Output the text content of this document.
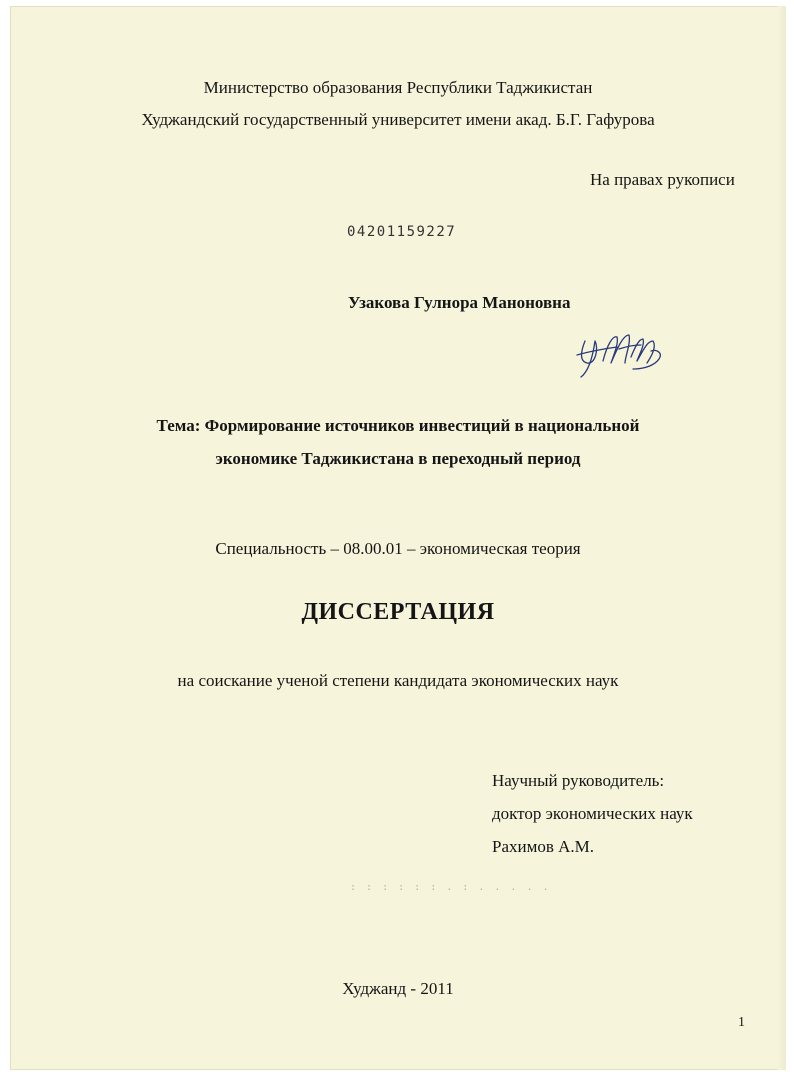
Министерство образования Республики Таджикистан
Худжандский государственный университет имени акад. Б.Г. Гафурова
На правах рукописи
04201159227
Узакова Гулнора Маноновна
Тема: Формирование источников инвестиций в национальной
экономике Таджикистана в переходный период
Специальность – 08.00.01 – экономическая теория
ДИССЕРТАЦИЯ
на соискание ученой степени кандидата экономических наук
Научный руководитель:
доктор экономических наук
Рахимов А.М.
: : : : : : . : . . . . .
Худжанд - 2011
1
